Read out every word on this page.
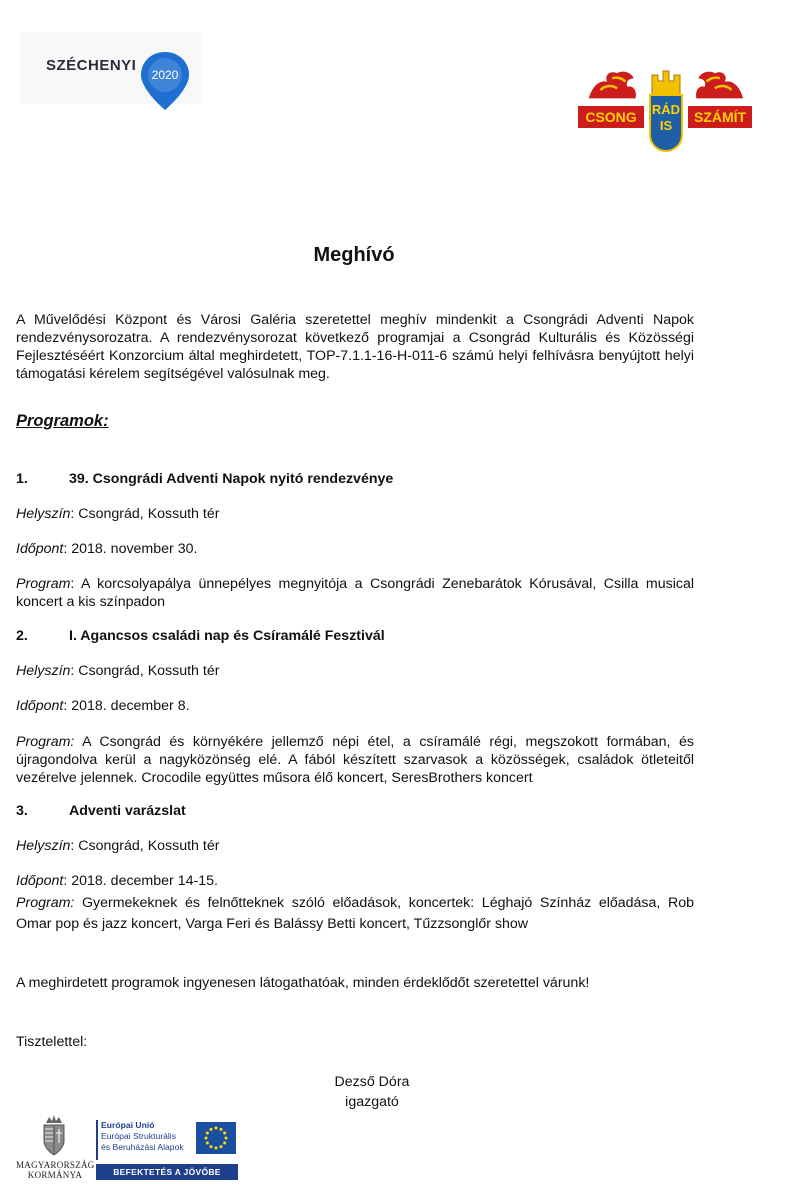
SZÉCHENYI
2020
CSONG	SZÁMÍT
RÁD
IS
Meghívó

A Művelődési Központ és Városi Galéria szeretettel meghív mindenkit a Csongrádi Adventi Napok rendezvénysorozatra. A rendezvénysorozat következő programjai a Csongrád Kulturális és Közösségi Fejlesztéséért Konzorcium által meghirdetett, TOP-7.1.1-16-H-011-6 számú helyi felhívásra benyújtott helyi támogatási kérelem segítségével valósulnak meg.

Programok:
1.	39. Csongrádi Adventi Napok nyitó rendezvénye
Helyszín: Csongrád, Kossuth tér
Időpont: 2018. november 30.

Program: A korcsolyapálya ünnepélyes megnyitója a Csongrádi Zenebarátok Kórusával, Csilla musical koncert a kis színpadon

2.	I. Agancsos családi nap és Csíramálé Fesztivál
Helyszín: Csongrád, Kossuth tér
Időpont: 2018. december 8.

Program: A Csongrád és környékére jellemző népi étel, a csíramálé régi, megszokott formában, és újragondolva kerül a nagyközönség elé. A fából készített szarvasok a közösségek, családok ötleteitől vezérelve jelennek. Crocodile együttes műsora élő koncert, SeresBrothers koncert

3.	Adventi varázslat
Helyszín: Csongrád, Kossuth tér
Időpont: 2018. december 14-15.

Program: Gyermekeknek és felnőtteknek szóló előadások, koncertek: Léghajó Színház előadása, Rob Omar pop és jazz koncert, Varga Feri és Balássy Betti koncert, Tűzzsonglőr show

A meghirdetett programok ingyenesen látogathatóak, minden érdeklődőt szeretettel várunk!
Tisztelettel:
Dezső Dóra
igazgató
MAGYARORSZÁG
KORMÁNYA
Európai Unió
Európai Strukturális
és Beruházási Alapok
BEFEKTETÉS A JÖVŐBE
